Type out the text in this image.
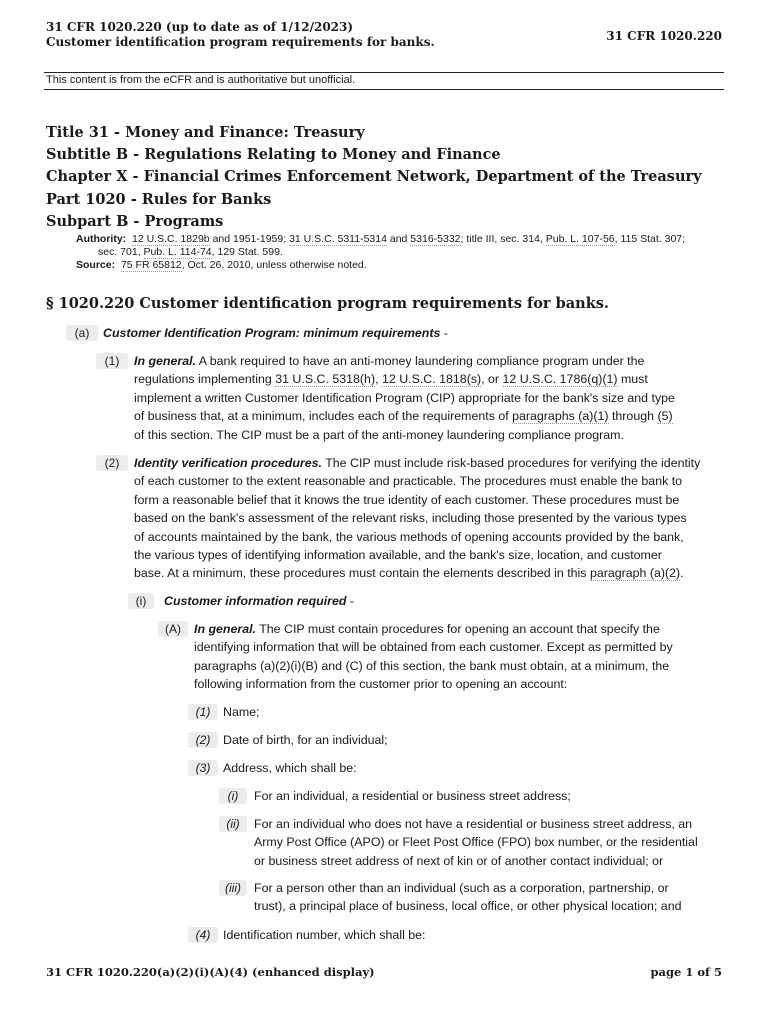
31 CFR 1020.220 (up to date as of 1/12/2023)
Customer identification program requirements for banks.	31 CFR 1020.220
This content is from the eCFR and is authoritative but unofficial.
Title 31 - Money and Finance: Treasury
Subtitle B - Regulations Relating to Money and Finance
Chapter X - Financial Crimes Enforcement Network, Department of the Treasury
Part 1020 - Rules for Banks
Subpart B - Programs
Authority: 12 U.S.C. 1829b and 1951-1959; 31 U.S.C. 5311-5314 and 5316-5332; title III, sec. 314, Pub. L. 107-56, 115 Stat. 307;
sec. 701, Pub. L. 114-74, 129 Stat. 599.
Source: 75 FR 65812, Oct. 26, 2010, unless otherwise noted.
§ 1020.220 Customer identification program requirements for banks.
(a)	Customer Identification Program: minimum requirements -
(1)	In general. A bank required to have an anti-money laundering compliance program under the
regulations implementing 31 U.S.C. 5318(h), 12 U.S.C. 1818(s), or 12 U.S.C. 1786(q)(1) must
implement a written Customer Identification Program (CIP) appropriate for the bank's size and type
of business that, at a minimum, includes each of the requirements of paragraphs (a)(1) through (5)
of this section. The CIP must be a part of the anti-money laundering compliance program.
(2)	Identity verification procedures. The CIP must include risk-based procedures for verifying the identity
of each customer to the extent reasonable and practicable. The procedures must enable the bank to
form a reasonable belief that it knows the true identity of each customer. These procedures must be
based on the bank's assessment of the relevant risks, including those presented by the various types
of accounts maintained by the bank, the various methods of opening accounts provided by the bank,
the various types of identifying information available, and the bank's size, location, and customer
base. At a minimum, these procedures must contain the elements described in this paragraph (a)(2).
(i)	Customer information required -
(A)	In general. The CIP must contain procedures for opening an account that specify the
identifying information that will be obtained from each customer. Except as permitted by
paragraphs (a)(2)(i)(B) and (C) of this section, the bank must obtain, at a minimum, the
following information from the customer prior to opening an account:
(1)	Name;
(2)	Date of birth, for an individual;
(3)	Address, which shall be:
(i)	For an individual, a residential or business street address;
(ii)	For an individual who does not have a residential or business street address, an
Army Post Office (APO) or Fleet Post Office (FPO) box number, or the residential
or business street address of next of kin or of another contact individual; or
(iii)	For a person other than an individual (such as a corporation, partnership, or
trust), a principal place of business, local office, or other physical location; and
(4)	Identification number, which shall be:
31 CFR 1020.220(a)(2)(i)(A)(4) (enhanced display)	page 1 of 5
